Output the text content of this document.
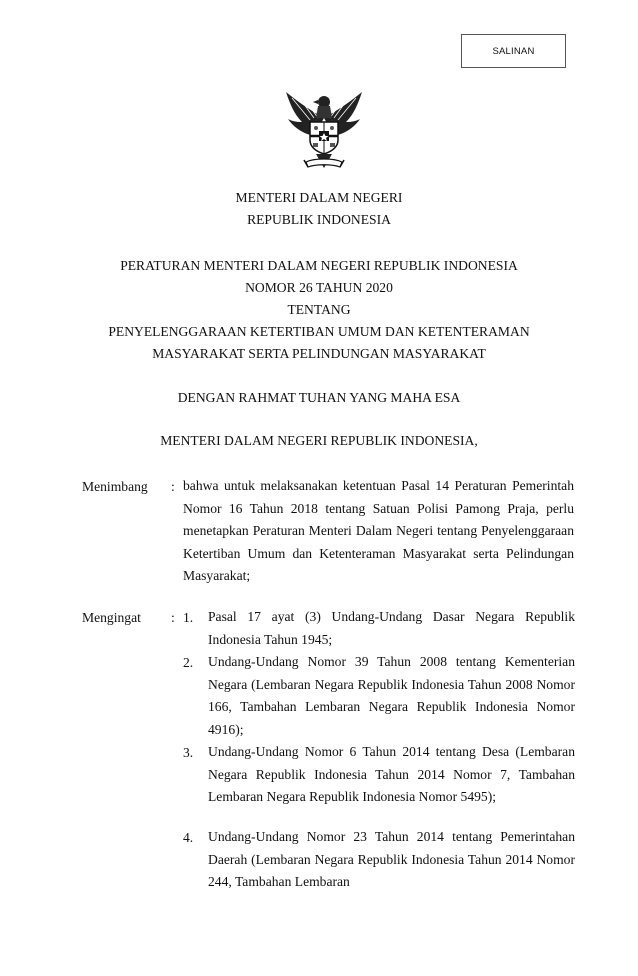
SALINAN
MENTERI DALAM NEGERI
REPUBLIK INDONESIA
PERATURAN MENTERI DALAM NEGERI REPUBLIK INDONESIA
NOMOR 26 TAHUN 2020
TENTANG
PENYELENGGARAAN KETERTIBAN UMUM DAN KETENTERAMAN
MASYARAKAT SERTA PELINDUNGAN MASYARAKAT
DENGAN RAHMAT TUHAN YANG MAHA ESA
MENTERI DALAM NEGERI REPUBLIK INDONESIA,
Menimbang : bahwa untuk melaksanakan ketentuan Pasal 14 Peraturan Pemerintah Nomor 16 Tahun 2018 tentang Satuan Polisi Pamong Praja, perlu menetapkan Peraturan Menteri Dalam Negeri tentang Penyelenggaraan Ketertiban Umum dan Ketenteraman Masyarakat serta Pelindungan Masyarakat;
Mengingat : 1. Pasal 17 ayat (3) Undang-Undang Dasar Negara Republik Indonesia Tahun 1945;
2. Undang-Undang Nomor 39 Tahun 2008 tentang Kementerian Negara (Lembaran Negara Republik Indonesia Tahun 2008 Nomor 166, Tambahan Lembaran Negara Republik Indonesia Nomor 4916);
3. Undang-Undang Nomor 6 Tahun 2014 tentang Desa (Lembaran Negara Republik Indonesia Tahun 2014 Nomor 7, Tambahan Lembaran Negara Republik Indonesia Nomor 5495);
4. Undang-Undang Nomor 23 Tahun 2014 tentang Pemerintahan Daerah (Lembaran Negara Republik Indonesia Tahun 2014 Nomor 244, Tambahan Lembaran
